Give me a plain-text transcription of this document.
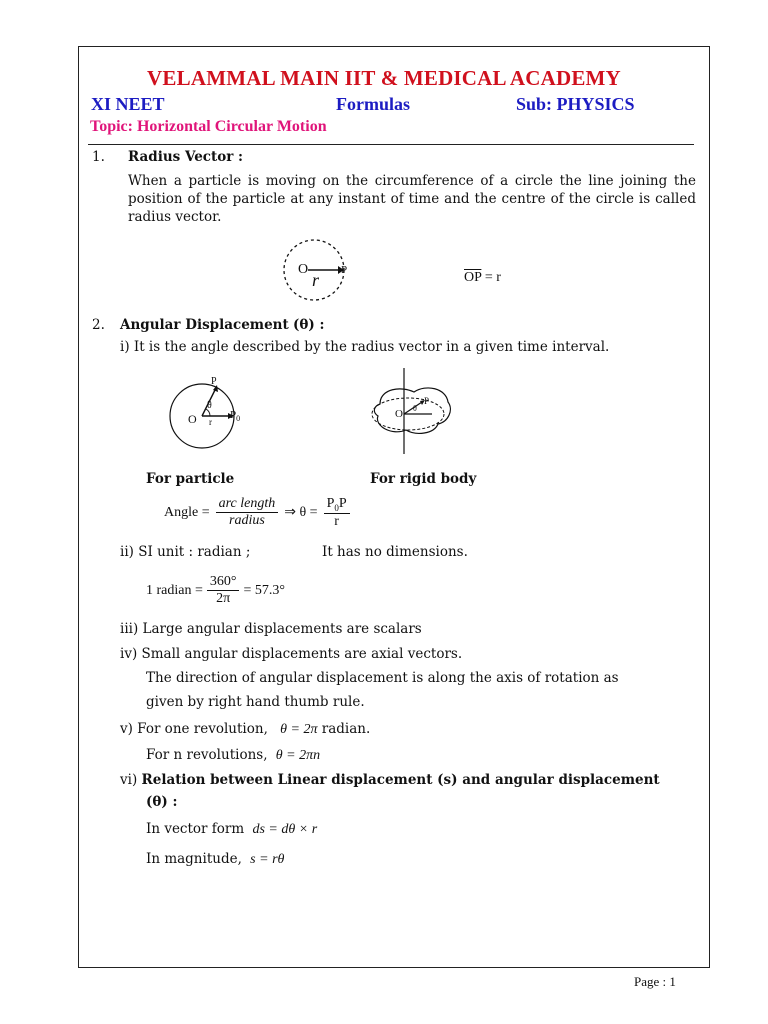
VELAMMAL MAIN IIT & MEDICAL ACADEMY
XI NEET	Formulas	Sub: PHYSICS
Topic: Horizontal Circular Motion
1. Radius Vector :
When a particle is moving on the circumference of a circle the line joining the position of the particle at any instant of time and the centre of the circle is called radius vector.
O
r P	$\overline{OP} = r$
2. Angular Displacement (θ) :
i) It is the angle described by the radius vector in a given time interval.
O r
θ
P
$P_0$	O
P
θ
For particle	For rigid body
Angle = $\frac{\text{arc length}}{\text{radius}}$ ⇒ $\theta = \frac{P_0P}{r}$
ii) SI unit : radian ;	It has no dimensions.
1 radian = $\frac{360^\circ}{2\pi} = 57.3^\circ$
iii) Large angular displacements are scalars
iv) Small angular displacements are axial vectors.
The direction of angular displacement is along the axis of rotation as
given by right hand thumb rule.
v) For one revolution, θ = 2π radian.
For n revolutions, θ = 2πn
vi) Relation between Linear displacement (s) and angular displacement
(θ) :
In vector form ds = dθ × r
In magnitude, s = rθ
Page : 1
